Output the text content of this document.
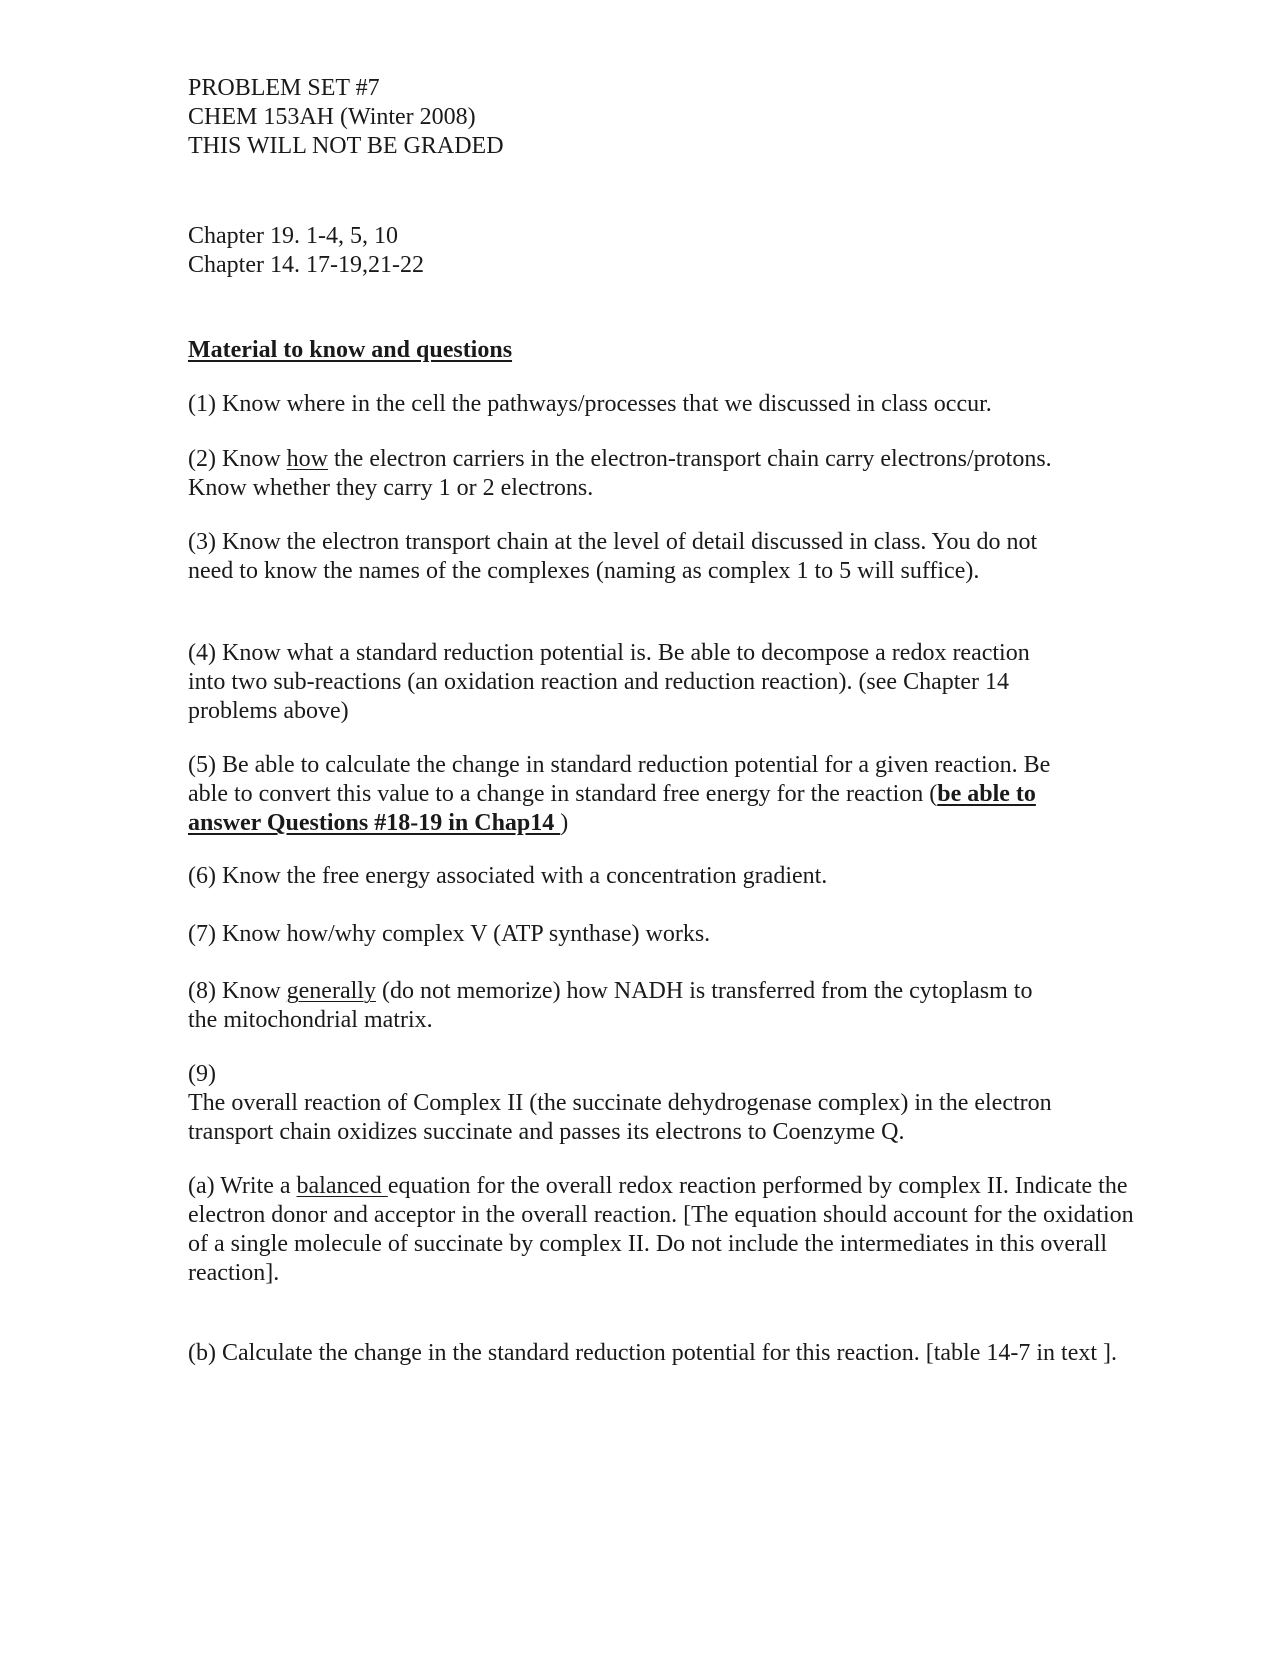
PROBLEM SET #7
CHEM 153AH (Winter 2008)
THIS WILL NOT BE GRADED
Chapter 19. 1-4, 5, 10
Chapter 14. 17-19,21-22
Material to know and questions
(1) Know where in the cell the pathways/processes that we discussed in class occur.
(2) Know how the electron carriers in the electron-transport chain carry electrons/protons.
Know whether they carry 1 or 2 electrons.
(3) Know the electron transport chain at the level of detail discussed in class. You do not
need to know the names of the complexes (naming as complex 1 to 5 will suffice).
(4) Know what a standard reduction potential is. Be able to decompose a redox reaction
into two sub-reactions (an oxidation reaction and reduction reaction). (see Chapter 14
problems above)
(5) Be able to calculate the change in standard reduction potential for a given reaction. Be
able to convert this value to a change in standard free energy for the reaction (be able to
answer Questions #18-19 in Chap14 )
(6) Know the free energy associated with a concentration gradient.
(7) Know how/why complex V (ATP synthase) works.
(8) Know generally (do not memorize) how NADH is transferred from the cytoplasm to
the mitochondrial matrix.
(9)
The overall reaction of Complex II (the succinate dehydrogenase complex) in the electron
transport chain oxidizes succinate and passes its electrons to Coenzyme Q.
(a) Write a balanced equation for the overall redox reaction performed by complex II. Indicate the
electron donor and acceptor in the overall reaction. [The equation should account for the oxidation
of a single molecule of succinate by complex II. Do not include the intermediates in this overall
reaction].
(b) Calculate the change in the standard reduction potential for this reaction. [table 14-7 in text ].
